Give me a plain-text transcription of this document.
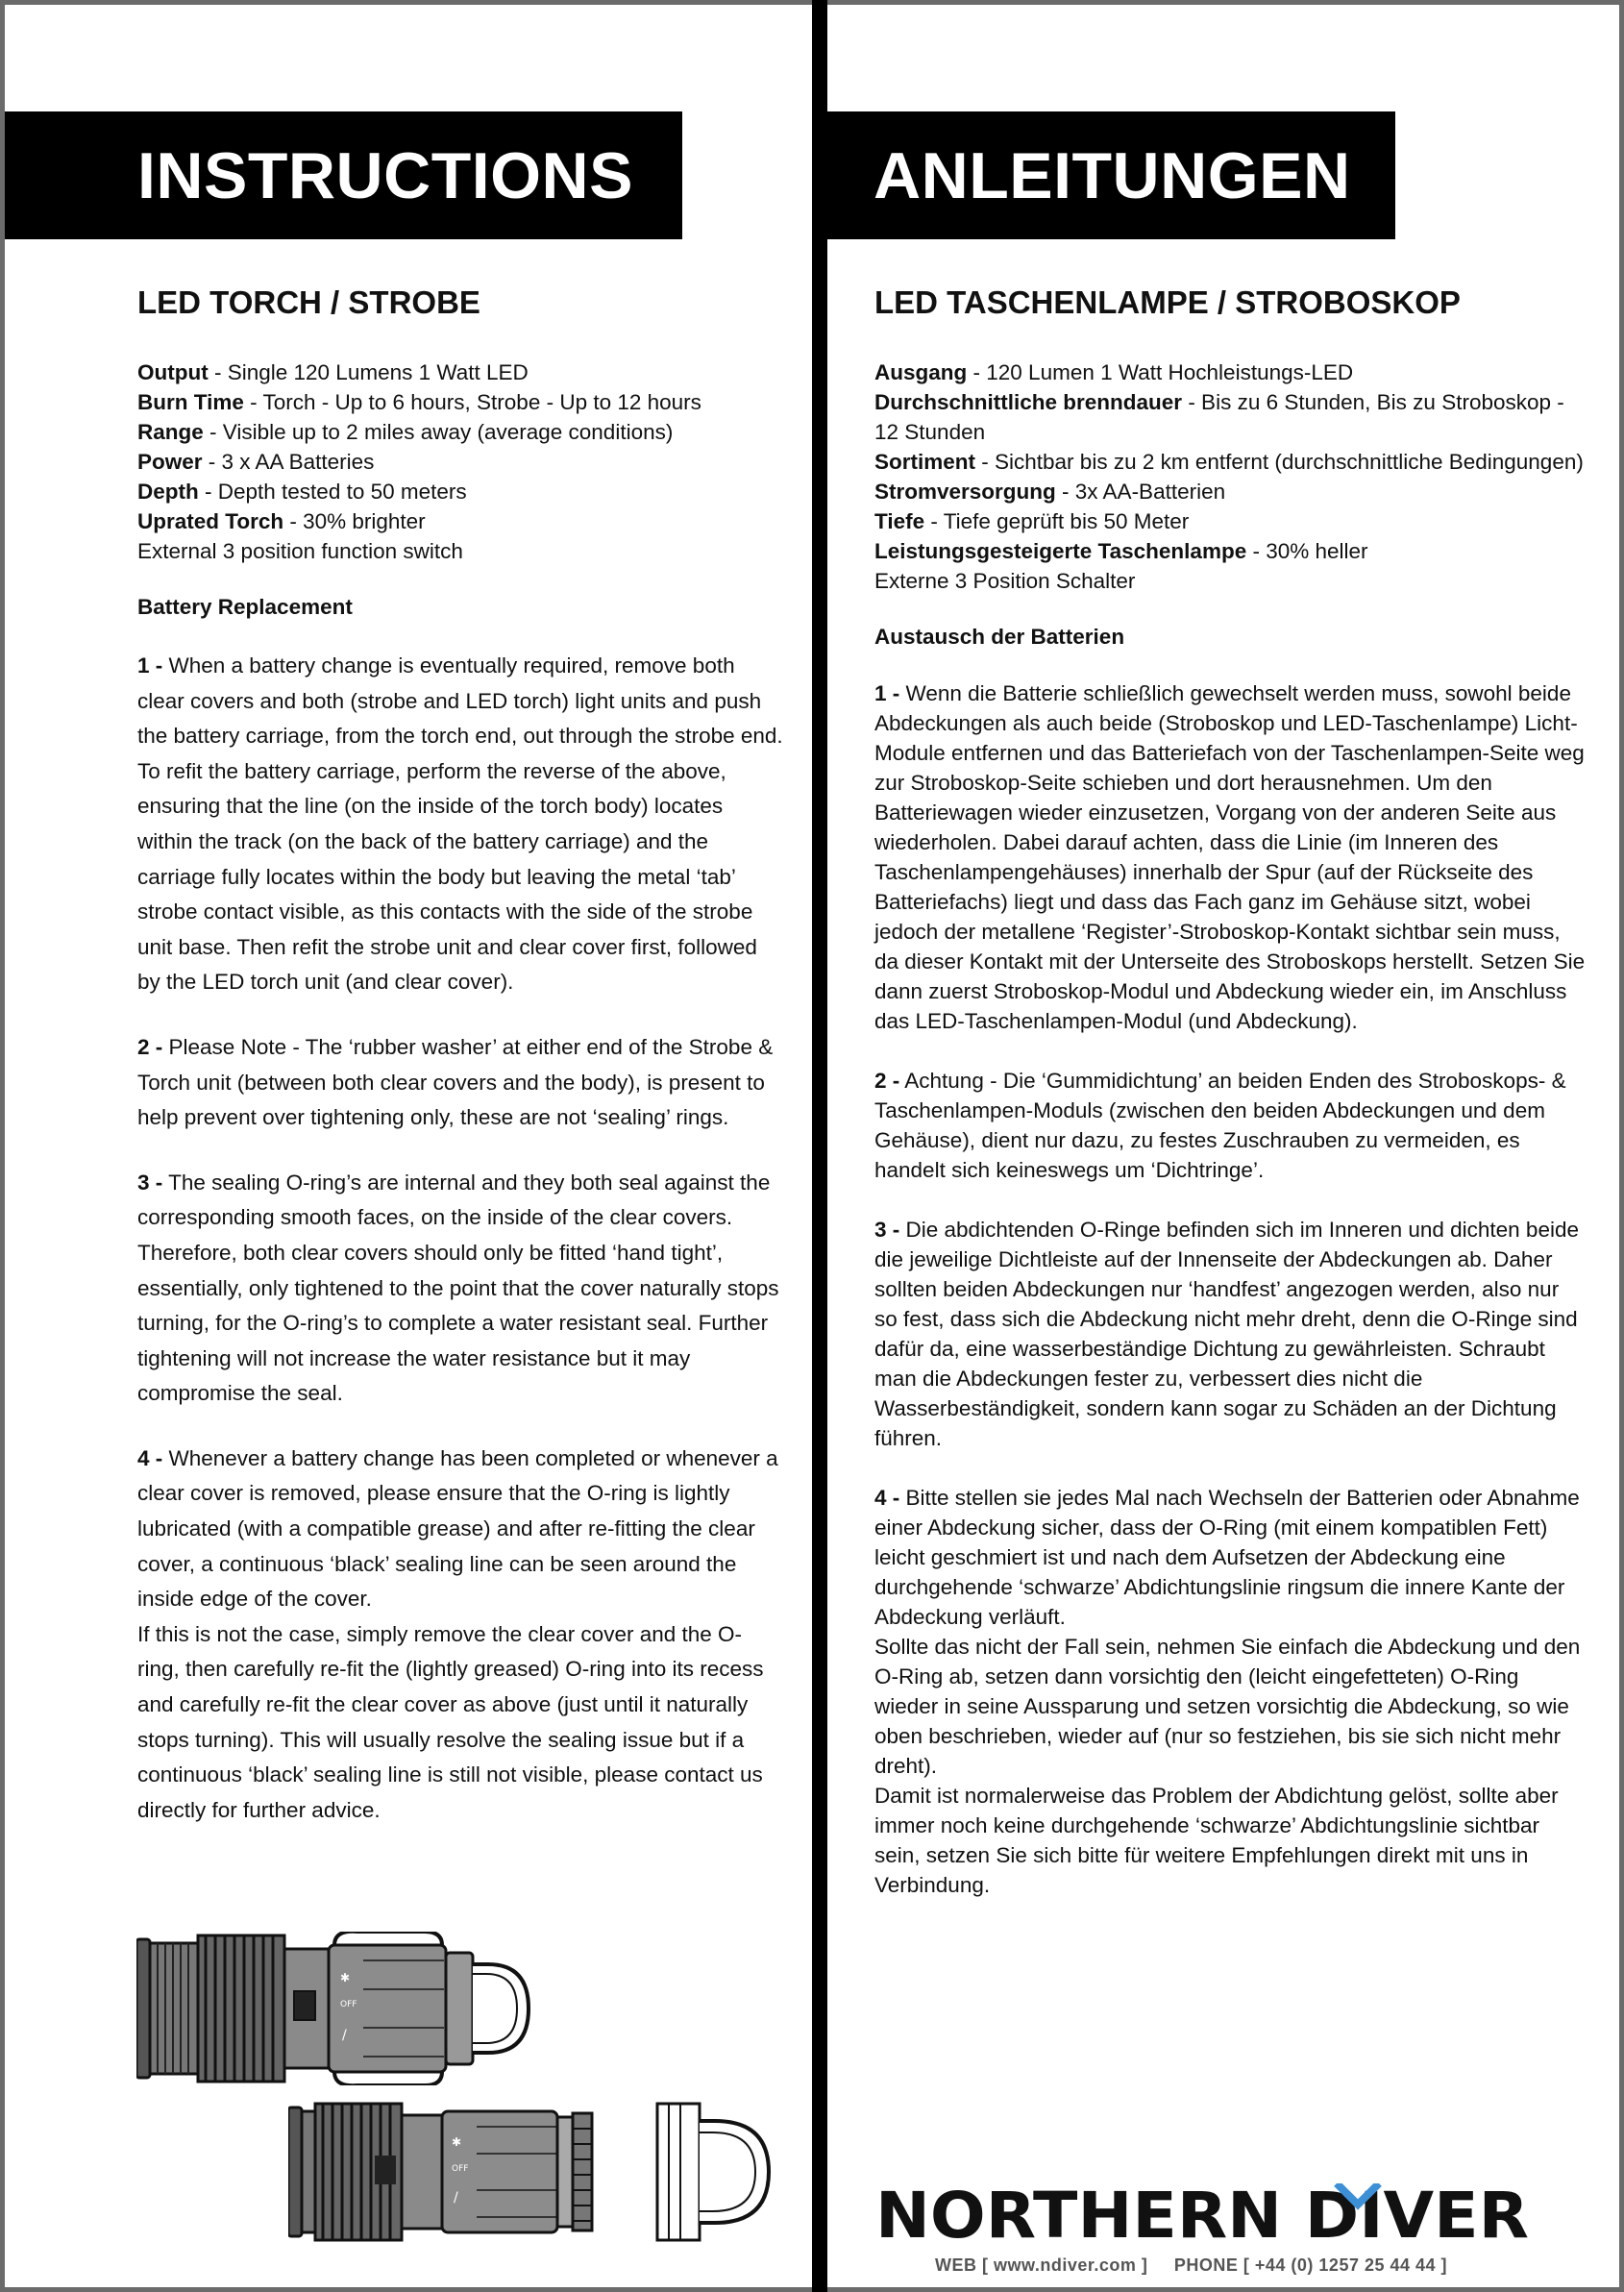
INSTRUCTIONS
LED TORCH / STROBE
Output - Single 120 Lumens 1 Watt LED
Burn Time - Torch - Up to 6 hours, Strobe - Up to 12 hours
Range - Visible up to 2 miles away (average conditions)
Power - 3 x AA Batteries
Depth - Depth tested to 50 meters
Uprated Torch - 30% brighter
External 3 position function switch
Battery Replacement

1 - When a battery change is eventually required, remove both clear covers and both (strobe and LED torch) light units and push the battery carriage, from the torch end, out through the strobe end. To refit the battery carriage, perform the reverse of the above, ensuring that the line (on the inside of the torch body) locates within the track (on the back of the battery carriage) and the carriage fully locates within the body but leaving the metal ‘tab’ strobe contact visible, as this contacts with the side of the strobe unit base. Then refit the strobe unit and clear cover first, followed by the LED torch unit (and clear cover).

2 - Please Note - The ‘rubber washer’ at either end of the Strobe & Torch unit (between both clear covers and the body), is present to help prevent over tightening only, these are not ‘sealing’ rings.

3 - The sealing O-ring’s are internal and they both seal against the corresponding smooth faces, on the inside of the clear covers. Therefore, both clear covers should only be fitted ‘hand tight’, essentially, only tightened to the point that the cover naturally stops turning, for the O-ring’s to complete a water resistant seal. Further tightening will not increase the water resistance but it may compromise the seal.

4 - Whenever a battery change has been completed or whenever a clear cover is removed, please ensure that the O-ring is lightly lubricated (with a compatible grease) and after re-fitting the clear cover, a continuous ‘black’ sealing line can be seen around the inside edge of the cover.
If this is not the case, simply remove the clear cover and the O-ring, then carefully re-fit the (lightly greased) O-ring into its recess and carefully re-fit the clear cover as above (just until it naturally stops turning). This will usually resolve the sealing issue but if a continuous ‘black’ sealing line is still not visible, please contact us directly for further advice.

✱
OFF
/
✱
OFF
/
ANLEITUNGEN
LED TASCHENLAMPE / STROBOSKOP
Ausgang - 120 Lumen 1 Watt Hochleistungs-LED
Durchschnittliche brenndauer - Bis zu 6 Stunden, Bis zu Stroboskop - 12 Stunden
Sortiment - Sichtbar bis zu 2 km entfernt (durchschnittliche Bedingungen)
Stromversorgung - 3x AA-Batterien
Tiefe - Tiefe geprüft bis 50 Meter
Leistungsgesteigerte Taschenlampe - 30% heller
Externe 3 Position Schalter
Austausch der Batterien

1 - Wenn die Batterie schließlich gewechselt werden muss, sowohl beide Abdeckungen als auch beide (Stroboskop und LED-Taschenlampe) Licht-Module entfernen und das Batteriefach von der Taschenlampen-Seite weg zur Stroboskop-Seite schieben und dort herausnehmen. Um den Batteriewagen wieder einzusetzen, Vorgang von der anderen Seite aus wiederholen. Dabei darauf achten, dass die Linie (im Inneren des Taschenlampengehäuses) innerhalb der Spur (auf der Rückseite des Batteriefachs) liegt und dass das Fach ganz im Gehäuse sitzt, wobei jedoch der metallene ‘Register’-Stroboskop-Kontakt sichtbar sein muss, da dieser Kontakt mit der Unterseite des Stroboskops herstellt. Setzen Sie dann zuerst Stroboskop-Modul und Abdeckung wieder ein, im Anschluss das LED-Taschenlampen-Modul (und Abdeckung).

2 - Achtung - Die ‘Gummidichtung’ an beiden Enden des Stroboskops- & Taschenlampen-Moduls (zwischen den beiden Abdeckungen und dem Gehäuse), dient nur dazu, zu festes Zuschrauben zu vermeiden, es handelt sich keineswegs um ‘Dichtringe’.

3 - Die abdichtenden O-Ringe befinden sich im Inneren und dichten beide die jeweilige Dichtleiste auf der Innenseite der Abdeckungen ab. Daher sollten beiden Abdeckungen nur ‘handfest’ angezogen werden, also nur so fest, dass sich die Abdeckung nicht mehr dreht, denn die O-Ringe sind dafür da, eine wasserbeständige Dichtung zu gewährleisten. Schraubt man die Abdeckungen fester zu, verbessert dies nicht die Wasserbeständigkeit, sondern kann sogar zu Schäden an der Dichtung führen.

4 - Bitte stellen sie jedes Mal nach Wechseln der Batterien oder Abnahme einer Abdeckung sicher, dass der O-Ring (mit einem kompatiblen Fett) leicht geschmiert ist und nach dem Aufsetzen der Abdeckung eine durchgehende ‘schwarze’ Abdichtungslinie ringsum die innere Kante der Abdeckung verläuft.
Sollte das nicht der Fall sein, nehmen Sie einfach die Abdeckung und den O-Ring ab, setzen dann vorsichtig den (leicht eingefetteten) O-Ring wieder in seine Aussparung und setzen vorsichtig die Abdeckung, so wie oben beschrieben, wieder auf (nur so festziehen, bis sie sich nicht mehr dreht).
Damit ist normalerweise das Problem der Abdichtung gelöst, sollte aber immer noch keine durchgehende ‘schwarze’ Abdichtungslinie sichtbar sein, setzen Sie sich bitte für weitere Empfehlungen direkt mit uns in Verbindung.

NORTHERN DIVER
WEB [ www.ndiver.com ]     PHONE [ +44 (0) 1257 25 44 44 ]
